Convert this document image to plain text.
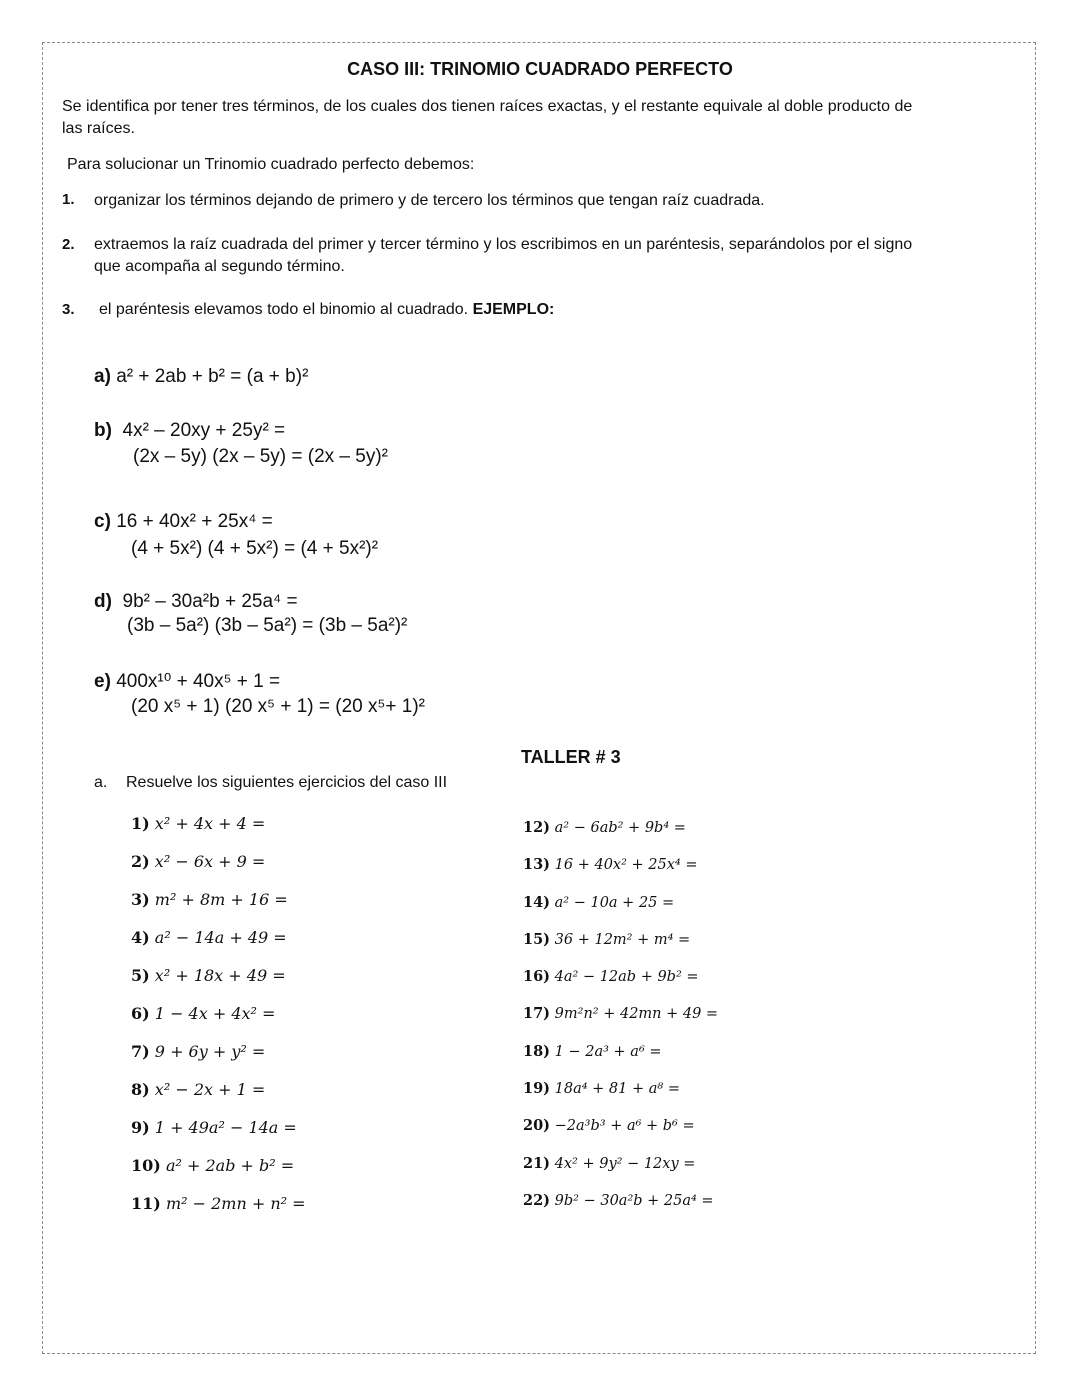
CASO III: TRINOMIO CUADRADO PERFECTO
Se identifica por tener tres términos, de los cuales dos tienen raíces exactas, y el restante equivale al doble producto de
las raíces.
Para solucionar un Trinomio cuadrado perfecto debemos:
1. organizar los términos dejando de primero y de tercero los términos que tengan raíz cuadrada.
2. extraemos la raíz cuadrada del primer y tercer término y los escribimos en un paréntesis, separándolos por el signo
que acompaña al segundo término.
3. el paréntesis elevamos todo el binomio al cuadrado. EJEMPLO:
a) a² + 2ab + b² = (a + b)²
b) 4x² – 20xy + 25y² =
(2x – 5y) (2x – 5y) = (2x – 5y)²
c) 16 + 40x² + 25x⁴ =
(4 + 5x²) (4 + 5x²) = (4 + 5x²)²
d) 9b² – 30a²b + 25a⁴ =
(3b – 5a²) (3b – 5a²) = (3b – 5a²)²
e) 400x¹⁰ + 40x⁵ + 1 =
(20 x⁵ + 1) (20 x⁵ + 1) = (20 x⁵+ 1)²
TALLER # 3
a. Resuelve los siguientes ejercicios del caso III
1) x² + 4x + 4 =
2) x² − 6x + 9 =
3) m² + 8m + 16 =
4) a² − 14a + 49 =
5) x² + 18x + 49 =
6) 1 − 4x + 4x² =
7) 9 + 6y + y² =
8) x² − 2x + 1 =
9) 1 + 49a² − 14a =
10) a² + 2ab + b² =
11) m² − 2mn + n² =
12) a² − 6ab² + 9b⁴ =
13) 16 + 40x² + 25x⁴ =
14) a² − 10a + 25 =
15) 36 + 12m² + m⁴ =
16) 4a² − 12ab + 9b² =
17) 9m²n² + 42mn + 49 =
18) 1 − 2a³ + a⁶ =
19) 18a⁴ + 81 + a⁸ =
20) −2a³b³ + a⁶ + b⁶ =
21) 4x² + 9y² − 12xy =
22) 9b² − 30a²b + 25a⁴ =
